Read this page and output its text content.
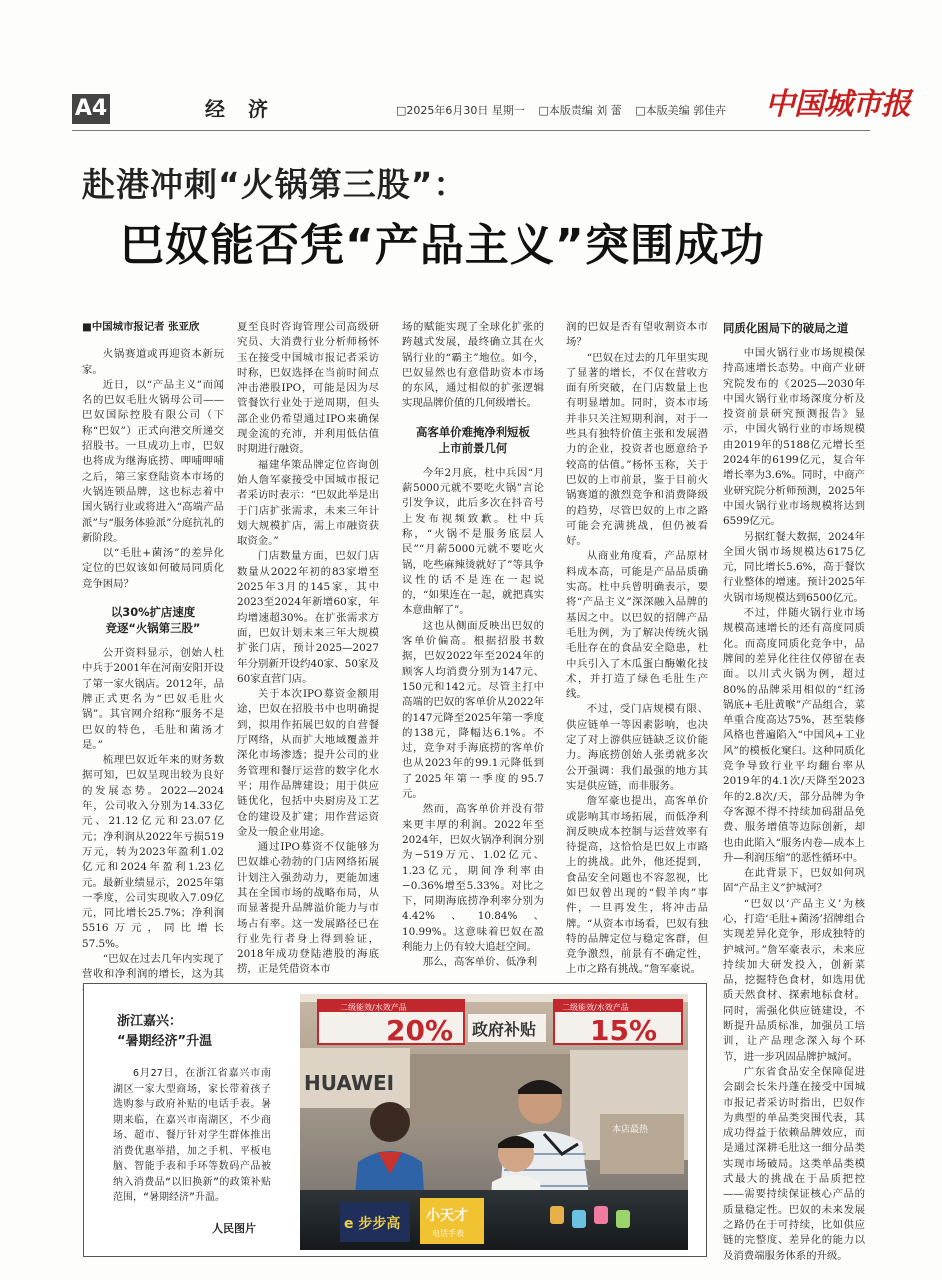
A4	经 济	□2025年6月30日 星期一 □本版责编 刘 蕾 □本版美编 郭佳卉	中国城市报
赴港冲刺“火锅第三股”：
巴奴能否凭“产品主义”突围成功

■中国城市报记者 张亚欣

火锅赛道或再迎资本新玩家。

近日，以“产品主义”而闻名的巴奴毛肚火锅母公司——巴奴国际控股有限公司（下称“巴奴”）正式向港交所递交招股书。一旦成功上市，巴奴也将成为继海底捞、呷哺呷哺之后，第三家登陆资本市场的火锅连锁品牌，这也标志着中国火锅行业或将进入“高端产品派”与“服务体验派”分庭抗礼的新阶段。

以“毛肚+菌汤”的差异化定位的巴奴该如何破局同质化竞争困局？

以30%扩店速度
竞逐“火锅第三股”

公开资料显示，创始人杜中兵于2001年在河南安阳开设了第一家火锅店。2012年，品牌正式更名为“巴奴毛肚火锅”。其官网介绍称“服务不是巴奴的特色，毛肚和菌汤才是。”

梳理巴奴近年来的财务数据可知，巴奴呈现出较为良好的发展态势。2022—2024年，公司收入分别为14.33亿元、21.12亿元和23.07亿元；净利润从2022年亏损519万元，转为2023年盈利1.02亿元和2024年盈利1.23亿元。最新业绩显示，2025年第一季度，公司实现收入7.09亿元，同比增长25.7%；净利润5516万元，同比增长57.5%。

“巴奴在过去几年内实现了营收和净利润的增长，这为其

夏至良时咨询管理公司高级研究员、大消费行业分析师杨怀玉在接受中国城市报记者采访时称，巴奴选择在当前时间点冲击港股IPO，可能是因为尽管餐饮行业处于逆周期，但头部企业仍希望通过IPO来确保现金流的充沛，并利用低估值时期进行融资。

福建华策品牌定位咨询创始人詹军豪接受中国城市报记者采访时表示：“巴奴此举是出于门店扩张需求，未来三年计划大规模扩店，需上市融资获取资金。”

门店数量方面，巴奴门店数量从2022年初的83家增至2025年3月的145家，其中2023至2024年新增60家，年均增速超30%。在扩张需求方面，巴奴计划未来三年大规模扩张门店，预计2025—2027年分别新开设约40家、50家及60家直营门店。

关于本次IPO募资金额用途，巴奴在招股书中也明确提到，拟用作拓展巴奴的自营餐厅网络，从而扩大地域覆盖并深化市场渗透；提升公司的业务管理和餐厅运营的数字化水平；用作品牌建设；用于供应链优化，包括中央厨房及工艺仓的建设及扩建；用作营运资金及一般企业用途。

通过IPO募资不仅能够为巴奴雄心勃勃的门店网络拓展计划注入强劲动力，更能加速其在全国市场的战略布局，从而显著提升品牌溢价能力与市场占有率。这一发展路径已在行业先行者身上得到验证，2018年成功登陆港股的海底捞，正是凭借资本市

场的赋能实现了全球化扩张的跨越式发展，最终确立其在火锅行业的“霸主”地位。如今，巴奴显然也有意借助资本市场的东风，通过相似的扩张逻辑实现品牌价值的几何级增长。

高客单价难掩净利短板
上市前景几何

今年2月底，杜中兵因“月薪5000元就不要吃火锅”言论引发争议，此后多次在抖音号上发布视频致歉。杜中兵称，“火锅不是服务底层人民”“月薪5000元就不要吃火锅，吃些麻辣烫就好了”等具争议性的话不是连在一起说的，“如果连在一起，就把真实本意曲解了”。

这也从侧面反映出巴奴的客单价偏高。根据招股书数据，巴奴2022年至2024年的顾客人均消费分别为147元、150元和142元。尽管主打中高端的巴奴的客单价从2022年的147元降至2025年第一季度的138元，降幅达6.1%。不过，竞争对手海底捞的客单价也从2023年的99.1元降低到了2025年第一季度的95.7元。

然而，高客单价并没有带来更丰厚的利润。2022年至2024年，巴奴火锅净利润分别为−519万元、1.02亿元、1.23亿元，期间净利率由−0.36%增至5.33%。对比之下，同期海底捞净利率分别为4.42%、10.84%、10.99%。这意味着巴奴在盈利能力上仍有较大追赶空间。

那么，高客单价、低净利

润的巴奴是否有望收割资本市场？

“巴奴在过去的几年里实现了显著的增长，不仅在营收方面有所突破，在门店数量上也有明显增加。同时，资本市场并非只关注短期利润，对于一些具有独特价值主张和发展潜力的企业，投资者也愿意给予较高的估值。”杨怀玉称，关于巴奴的上市前景，鉴于目前火锅赛道的激烈竞争和消费降级的趋势，尽管巴奴的上市之路可能会充满挑战，但仍被看好。

从商业角度看，产品原材料成本高，可能是产品品质确实高。杜中兵曾明确表示，要将“产品主义”深深融入品牌的基因之中。以巴奴的招牌产品毛肚为例，为了解决传统火锅毛肚存在的食品安全隐患，杜中兵引入了木瓜蛋白酶嫩化技术，并打造了绿色毛肚生产线。

不过，受门店规模有限、供应链单一等因素影响，也决定了对上游供应链缺乏议价能力。海底捞创始人张勇就多次公开强调：我们最强的地方其实是供应链，而非服务。

詹军豪也提出，高客单价或影响其市场拓展，而低净利润反映成本控制与运营效率有待提高，这恰恰是巴奴上市路上的挑战。此外，他还提到，食品安全问题也不容忽视，比如巴奴曾出现的“假羊肉”事件，一旦再发生，将冲击品牌。“从资本市场看，巴奴有独特的品牌定位与稳定客群，但竞争激烈，前景有不确定性，上市之路有挑战。”詹军豪说。

同质化困局下的破局之道

中国火锅行业市场规模保持高速增长态势。中商产业研究院发布的《2025—2030年中国火锅行业市场深度分析及投资前景研究预测报告》显示，中国火锅行业的市场规模由2019年的5188亿元增长至2024年的6199亿元，复合年增长率为3.6%。同时，中商产业研究院分析师预测，2025年中国火锅行业市场规模将达到6599亿元。

另据红餐大数据，2024年全国火锅市场规模达6175亿元，同比增长5.6%，高于餐饮行业整体的增速。预计2025年火锅市场规模达到6500亿元。

不过，伴随火锅行业市场规模高速增长的还有高度同质化。而高度同质化竞争中，品牌间的差异化往往仅停留在表面。以川式火锅为例，超过80%的品牌采用相似的“红汤锅底+毛肚黄喉”产品组合，菜单重合度高达75%，甚至装修风格也普遍陷入“中国风+工业风”的模板化窠臼。这种同质化竞争导致行业平均翻台率从2019年的4.1次/天降至2023年的2.8次/天，部分品牌为争夺客源不得不持续加码甜品免费、服务增值等边际创新，却也由此陷入“服务内卷—成本上升—利润压缩”的恶性循环中。

在此背景下，巴奴如何巩固“产品主义”护城河？

“巴奴以‘产品主义’为核心，打造‘毛肚+菌汤’招牌组合实现差异化竞争，形成独特的护城河。”詹军豪表示，未来应持续加大研发投入，创新菜品，挖掘特色食材，如选用优质天然食材、探索地标食材。同时，需强化供应链建设，不断提升品质标准，加强员工培训，让产品理念深入每个环节，进一步巩固品牌护城河。

广东省食品安全保障促进会副会长朱丹蓬在接受中国城市报记者采访时指出，巴奴作为典型的单品类突围代表，其成功得益于依赖品牌效应，而是通过深耕毛肚这一细分品类实现市场破局。这类单品类模式最大的挑战在于品质把控——需要持续保证核心产品的质量稳定性。巴奴的未来发展之路仍在于可持续，比如供应链的完整度、差异化的能力以及消费端服务体系的升级。

浙江嘉兴：
“暑期经济”升温

6月27日，在浙江省嘉兴市南湖区一家大型商场，家长带着孩子选购参与政府补贴的电话手表。暑期来临，在嘉兴市南湖区，不少商场、超市、餐厅针对学生群体推出消费优惠举措，加之手机、平板电脑、智能手表和手环等数码产品被纳入消费品“以旧换新”的政策补贴范围，“暑期经济”升温。

人民图片
二级能效/水效产品
20% 政府补贴
二级能效/水效产品
15%
HUAWEI
本店最热
e 步步高 小天才
电话手表
